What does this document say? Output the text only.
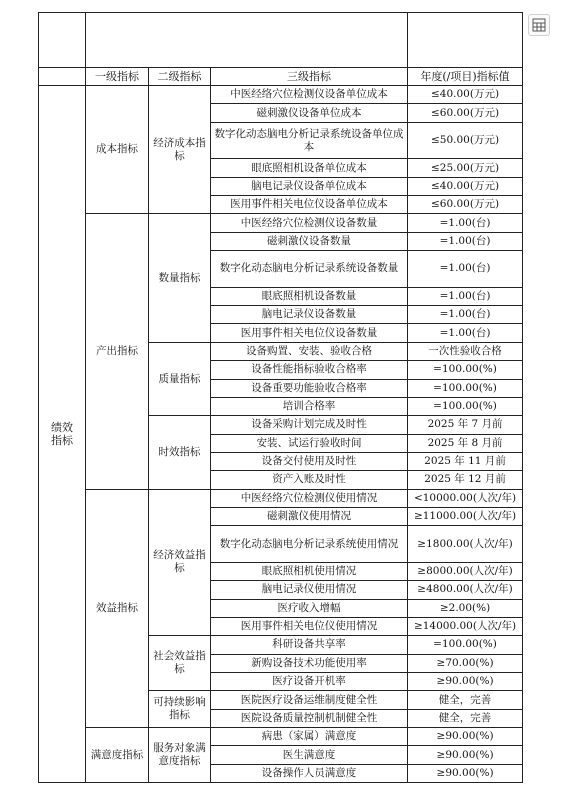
	一级指标	二级指标	三级指标	年度(/项目)指标值
绩效指标	成本指标	经济成本指标	中医经络穴位检测仪设备单位成本	≤40.00(万元)
			磁刺激仪设备单位成本	≤60.00(万元)
			数字化动态脑电分析记录系统设备单位成本	≤50.00(万元)
			眼底照相机设备单位成本	≤25.00(万元)
			脑电记录仪设备单位成本	≤40.00(万元)
			医用事件相关电位仪设备单位成本	≤60.00(万元)
	产出指标	数量指标	中医经络穴位检测仪设备数量	=1.00(台)
			磁刺激仪设备数量	=1.00(台)
			数字化动态脑电分析记录系统设备数量	=1.00(台)
			眼底照相机设备数量	=1.00(台)
			脑电记录仪设备数量	=1.00(台)
			医用事件相关电位仪设备数量	=1.00(台)
		质量指标	设备购置、安装、验收合格	一次性验收合格
			设备性能指标验收合格率	=100.00(%)
			设备重要功能验收合格率	=100.00(%)
			培训合格率	=100.00(%)
		时效指标	设备采购计划完成及时性	2025 年 7 月前
			安装、试运行验收时间	2025 年 8 月前
			设备交付使用及时性	2025 年 11 月前
			资产入账及时性	2025 年 12 月前
	效益指标	经济效益指标	中医经络穴位检测仪使用情况	<10000.00(人次/年)
			磁刺激仪使用情况	≥11000.00(人次/年)
			数字化动态脑电分析记录系统使用情况	≥1800.00(人次/年)
			眼底照相机使用情况	≥8000.00(人次/年)
			脑电记录仪使用情况	≥4800.00(人次/年)
			医疗收入增幅	≥2.00(%)
			医用事件相关电位仪使用情况	≥14000.00(人次/年)
		社会效益指标	科研设备共享率	=100.00(%)
			新购设备技术功能使用率	≥70.00(%)
			医疗设备开机率	≥90.00(%)
		可持续影响指标	医院医疗设备运维制度健全性	健全，完善
			医院设备质量控制机制健全性	健全，完善
	满意度指标	服务对象满意度指标	病患（家属）满意度	≥90.00(%)
			医生满意度	≥90.00(%)
			设备操作人员满意度	≥90.00(%)
